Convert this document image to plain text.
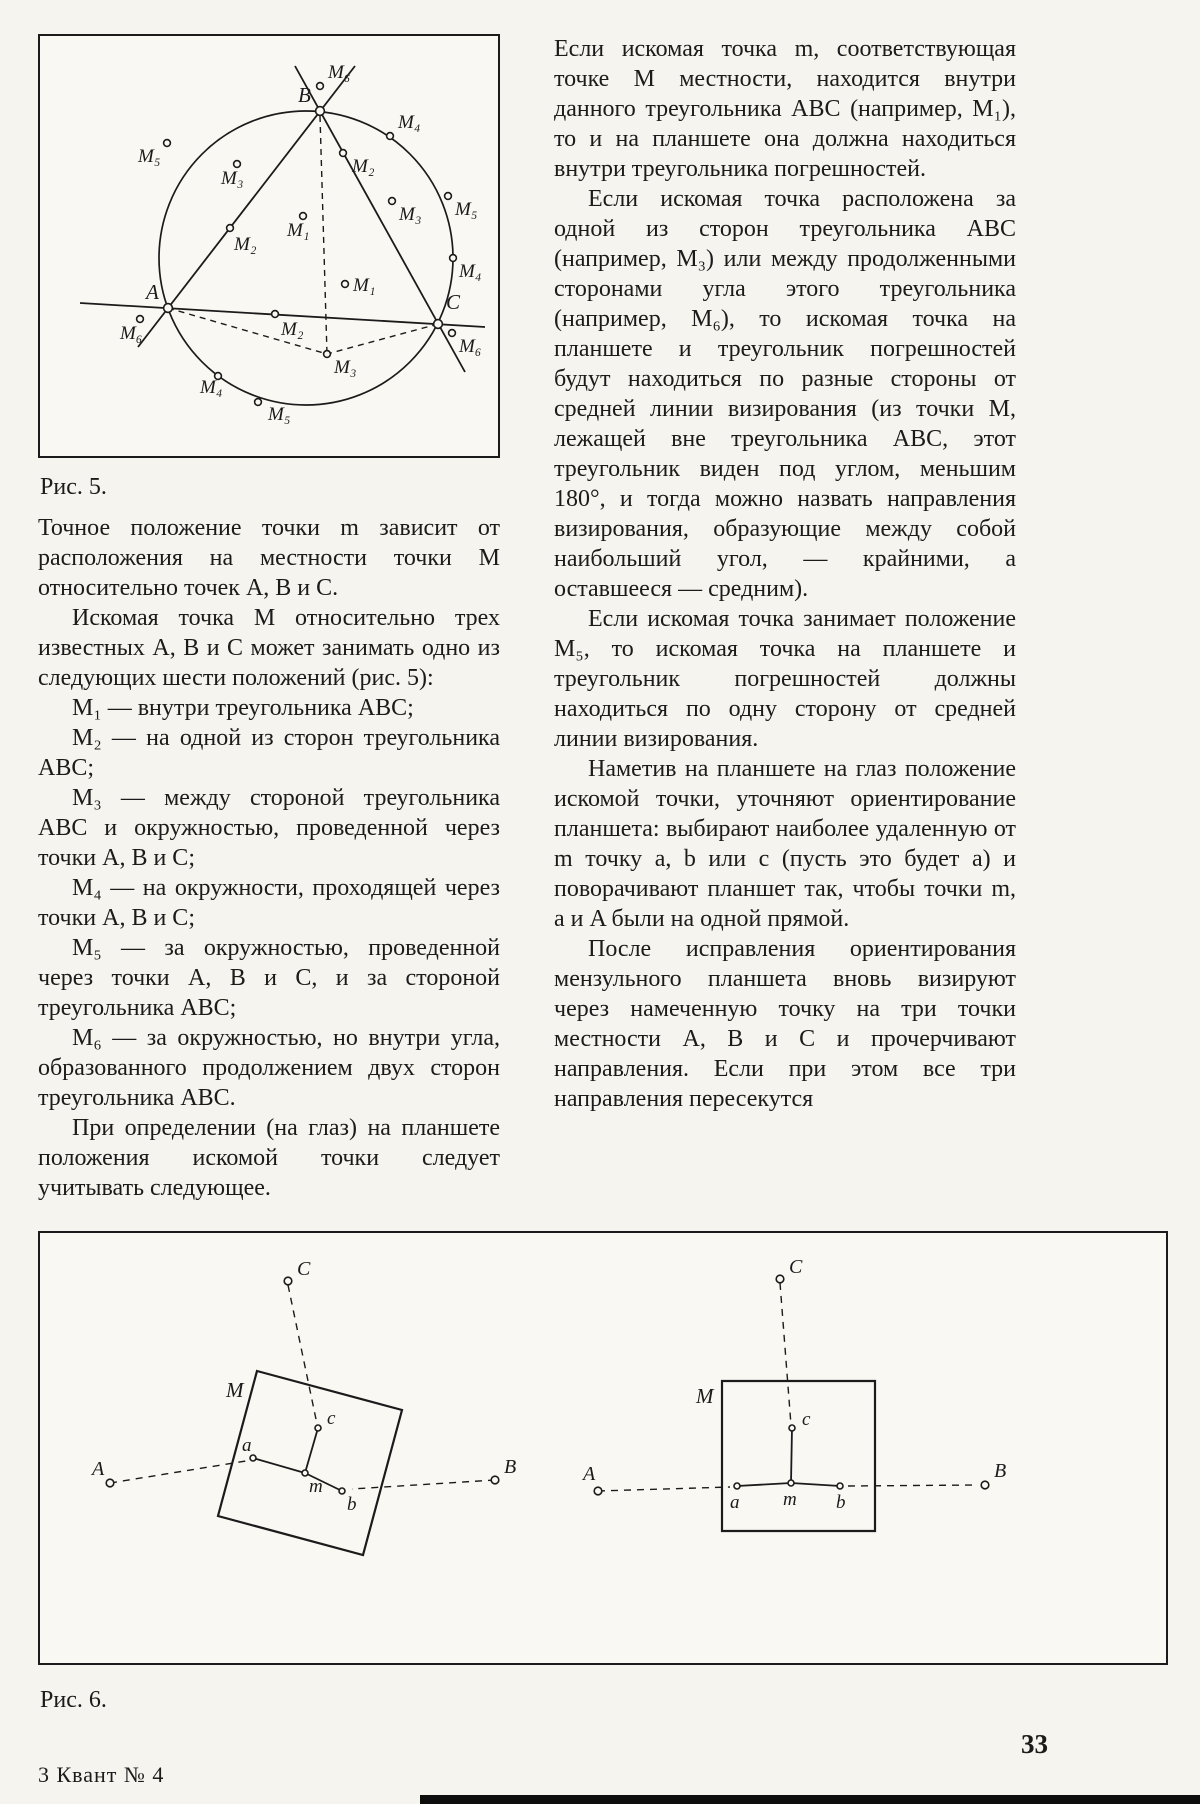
M₆
M₄
M₅
M₃
M₂
M₁
M₃ M₅
M₄
M₂
M₁
M₆	M₂
M₆
M₃
M₄
M₅
B
A	C
Рис. 5.

Точное положение точки m зависит от расположения на местности точки M относительно точек A, B и C.

Искомая точка M относительно трех известных A, B и C может занимать одно из следующих шести положений (рис. 5):

M₁ — внутри треугольника ABC;

M₂ — на одной из сторон треугольника ABC;

M₃ — между стороной треугольника ABC и окружностью, проведенной через точки A, B и C;

M₄ — на окружности, проходящей через точки A, B и C;

M₅ — за окружностью, проведенной через точки A, B и C, и за стороной треугольника ABC;

M₆ — за окружностью, но внутри угла, образованного продолжением двух сторон треугольника ABC.

При определении (на глаз) на планшете положения искомой точки следует учитывать следующее.

Если искомая точка m, соответствующая точке M местности, находится внутри данного треугольника ABC (например, M₁), то и на планшете она должна находиться внутри треугольника погрешностей.

Если искомая точка расположена за одной из сторон треугольника ABC (например, M₃) или между продолженными сторонами угла этого треугольника (например, M₆), то искомая точка на планшете и треугольник погрешностей будут находиться по разные стороны от средней линии визирования (из точки M, лежащей вне треугольника ABC, этот треугольник виден под углом, меньшим 180°, и тогда можно назвать направления визирования, образующие между собой наибольший угол, — крайними, а оставшееся — средним).

Если искомая точка занимает положение M₅, то искомая точка на планшете и треугольник погрешностей должны находиться по одну сторону от средней линии визирования.

Наметив на планшете на глаз положение искомой точки, уточняют ориентирование планшета: выбирают наиболее удаленную от m точку a, b или c (пусть это будет a) и поворачивают планшет так, чтобы точки m, a и A были на одной прямой.

После исправления ориентирования мензульного планшета вновь визируют через намеченную точку на три точки местности A, B и C и прочерчивают направления. Если при этом все три направления пересекутся

M
C
A	B
c
a
b
m
M
C
A	B
c
a	b
m
Рис. 6.
3 Квант № 4
33
